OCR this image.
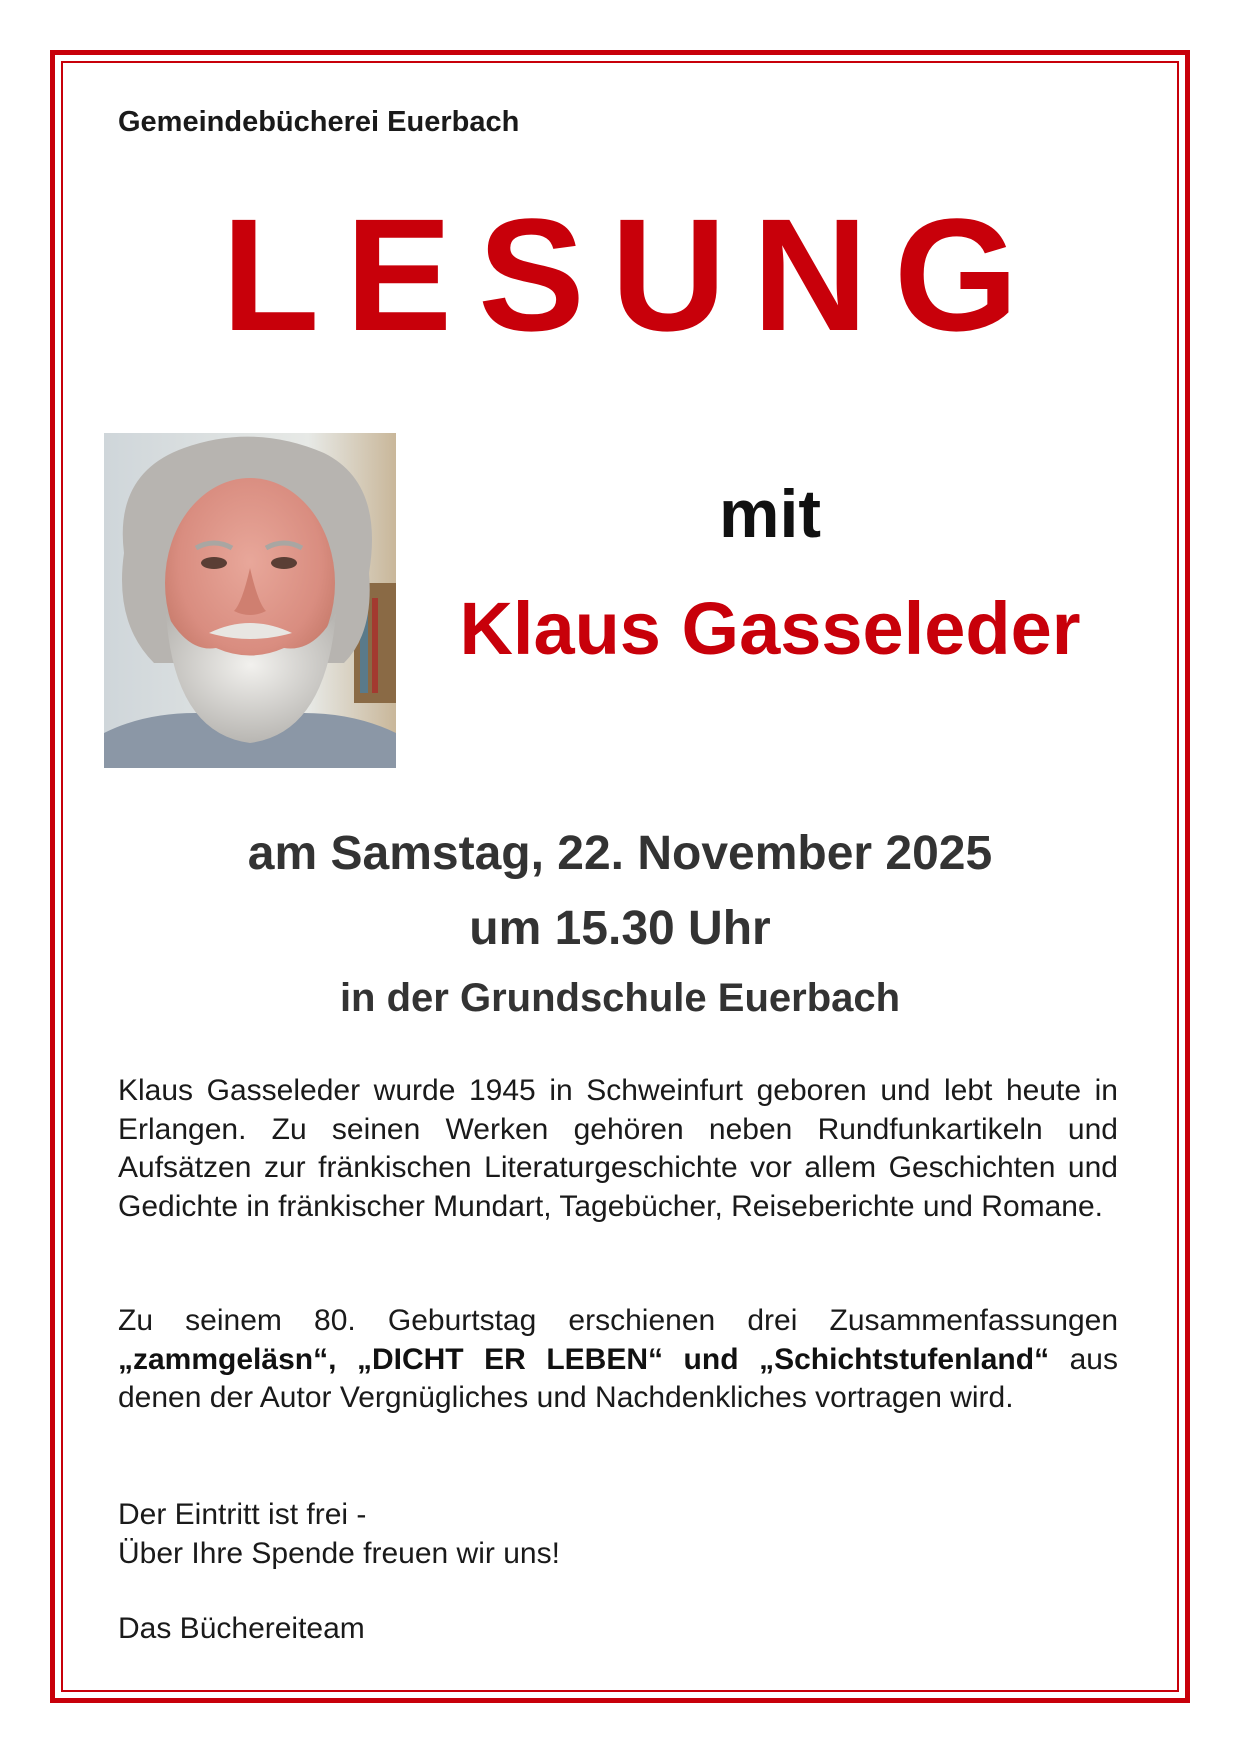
Gemeindebücherei Euerbach
L E S U N G
mit
Klaus Gasseleder
am Samstag, 22. November 2025
um 15.30 Uhr
in der Grundschule Euerbach
Klaus Gasseleder wurde 1945 in Schweinfurt geboren und lebt heute in Erlangen. Zu seinen Werken gehören neben Rundfunkartikeln und Aufsätzen zur fränkischen Literaturgeschichte vor allem Geschichten und Gedichte in fränkischer Mundart, Tagebücher, Reiseberichte und Romane.
Zu seinem 80. Geburtstag erschienen drei Zusammenfassungen „zammgeläsn“, „DICHT ER LEBEN“ und „Schichtstufenland“ aus denen der Autor Vergnügliches und Nachdenkliches vortragen wird.
Der Eintritt ist frei -
Über Ihre Spende freuen wir uns!
Das Büchereiteam
